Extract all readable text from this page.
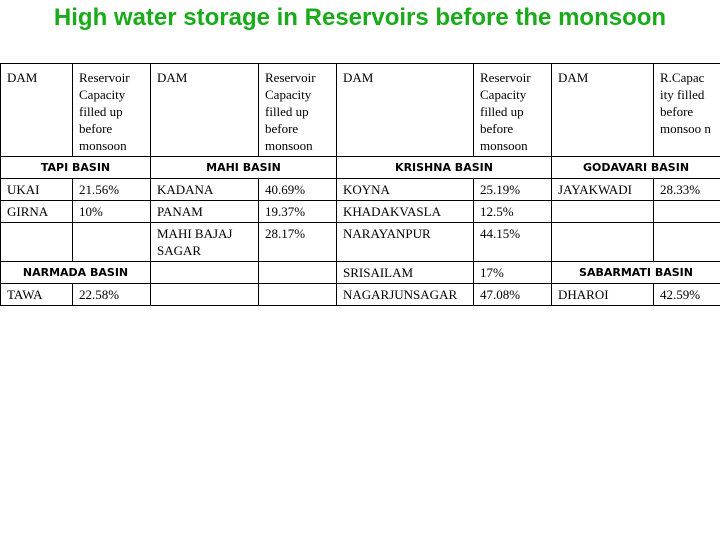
High water storage in Reservoirs before the monsoon
DAM	Reservoir Capacity filled up before monsoon	DAM	Reservoir Capacity filled up before monsoon	DAM	Reservoir Capacity filled up before monsoon	DAM	R.Capac ity filled before monsoo n
TAPI BASIN		MAHI BASIN		KRISHNA BASIN		GODAVARI BASIN	
UKAI	21.56%	KADANA	40.69%	KOYNA	25.19%	JAYAKWADI	28.33%
GIRNA	10%	PANAM	19.37%	KHADAKVASLA	12.5%		
		MAHI BAJAJ SAGAR	28.17%	NARAYANPUR	44.15%		
NARMADA BASIN				SRISAILAM	17%	SABARMATI BASIN	
TAWA	22.58%			NAGARJUNSAGAR	47.08%	DHAROI	42.59%
